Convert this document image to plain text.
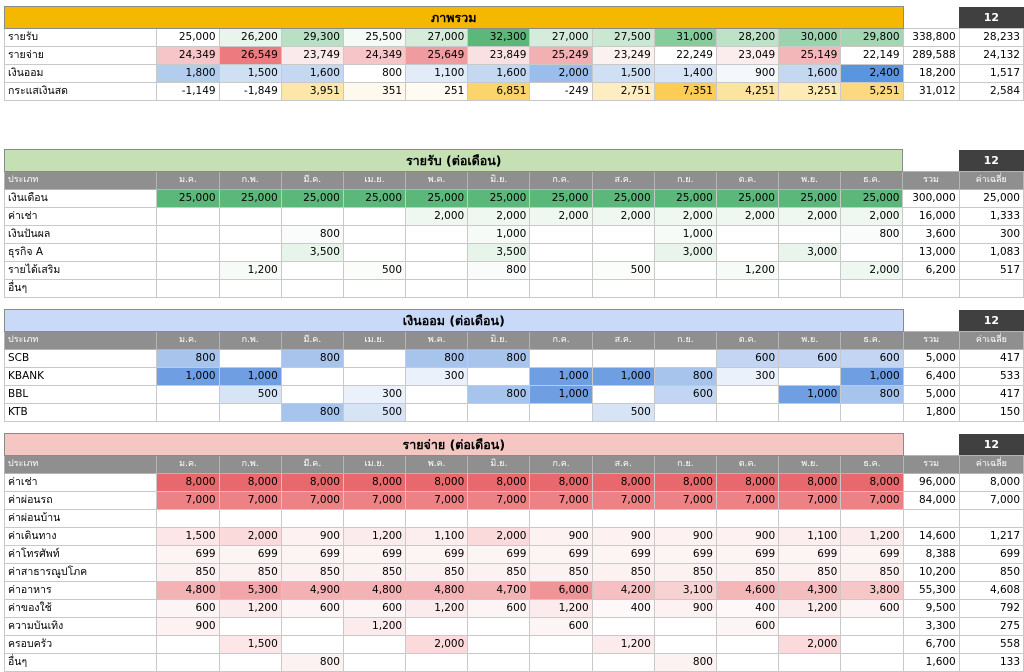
ภาพรวม														12
รายรับ	25,000	26,200	29,300	25,500	27,000	32,300	27,000	27,500	31,000	28,200	30,000	29,800	338,800	28,233
รายจ่าย	24,349	26,549	23,749	24,349	25,649	23,849	25,249	23,249	22,249	23,049	25,149	22,149	289,588	24,132
เงินออม	1,800	1,500	1,600	800	1,100	1,600	2,000	1,500	1,400	900	1,600	2,400	18,200	1,517
กระแสเงินสด	-1,149	-1,849	3,951	351	251	6,851	-249	2,751	7,351	4,251	3,251	5,251	31,012	2,584
รายรับ (ต่อเดือน)														12
ประเภท	ม.ค.	ก.พ.	มี.ค.	เม.ย.	พ.ค.	มิ.ย.	ก.ค.	ส.ค.	ก.ย.	ต.ค.	พ.ย.	ธ.ค.	รวม	ค่าเฉลี่ย
เงินเดือน	25,000	25,000	25,000	25,000	25,000	25,000	25,000	25,000	25,000	25,000	25,000	25,000	300,000	25,000
ค่าเช่า					2,000	2,000	2,000	2,000	2,000	2,000	2,000	2,000	16,000	1,333
เงินปันผล			800			1,000			1,000			800	3,600	300
ธุรกิจ A			3,500			3,500			3,000		3,000		13,000	1,083
รายได้เสริม		1,200		500		800		500		1,200		2,000	6,200	517
อื่นๆ														
เงินออม (ต่อเดือน)														12
ประเภท	ม.ค.	ก.พ.	มี.ค.	เม.ย.	พ.ค.	มิ.ย.	ก.ค.	ส.ค.	ก.ย.	ต.ค.	พ.ย.	ธ.ค.	รวม	ค่าเฉลี่ย
SCB	800		800		800	800				600	600	600	5,000	417
KBANK	1,000	1,000			300		1,000	1,000	800	300		1,000	6,400	533
BBL		500		300		800	1,000		600		1,000	800	5,000	417
KTB			800	500				500					1,800	150
รายจ่าย (ต่อเดือน)														12
ประเภท	ม.ค.	ก.พ.	มี.ค.	เม.ย.	พ.ค.	มิ.ย.	ก.ค.	ส.ค.	ก.ย.	ต.ค.	พ.ย.	ธ.ค.	รวม	ค่าเฉลี่ย
ค่าเช่า	8,000	8,000	8,000	8,000	8,000	8,000	8,000	8,000	8,000	8,000	8,000	8,000	96,000	8,000
ค่าผ่อนรถ	7,000	7,000	7,000	7,000	7,000	7,000	7,000	7,000	7,000	7,000	7,000	7,000	84,000	7,000
ค่าผ่อนบ้าน														
ค่าเดินทาง	1,500	2,000	900	1,200	1,100	2,000	900	900	900	900	1,100	1,200	14,600	1,217
ค่าโทรศัพท์	699	699	699	699	699	699	699	699	699	699	699	699	8,388	699
ค่าสาธารณูปโภค	850	850	850	850	850	850	850	850	850	850	850	850	10,200	850
ค่าอาหาร	4,800	5,300	4,900	4,800	4,800	4,700	6,000	4,200	3,100	4,600	4,300	3,800	55,300	4,608
ค่าของใช้	600	1,200	600	600	1,200	600	1,200	400	900	400	1,200	600	9,500	792
ความบันเทิง	900			1,200			600			600			3,300	275
ครอบครัว		1,500			2,000			1,200			2,000		6,700	558
อื่นๆ			800						800				1,600	133
